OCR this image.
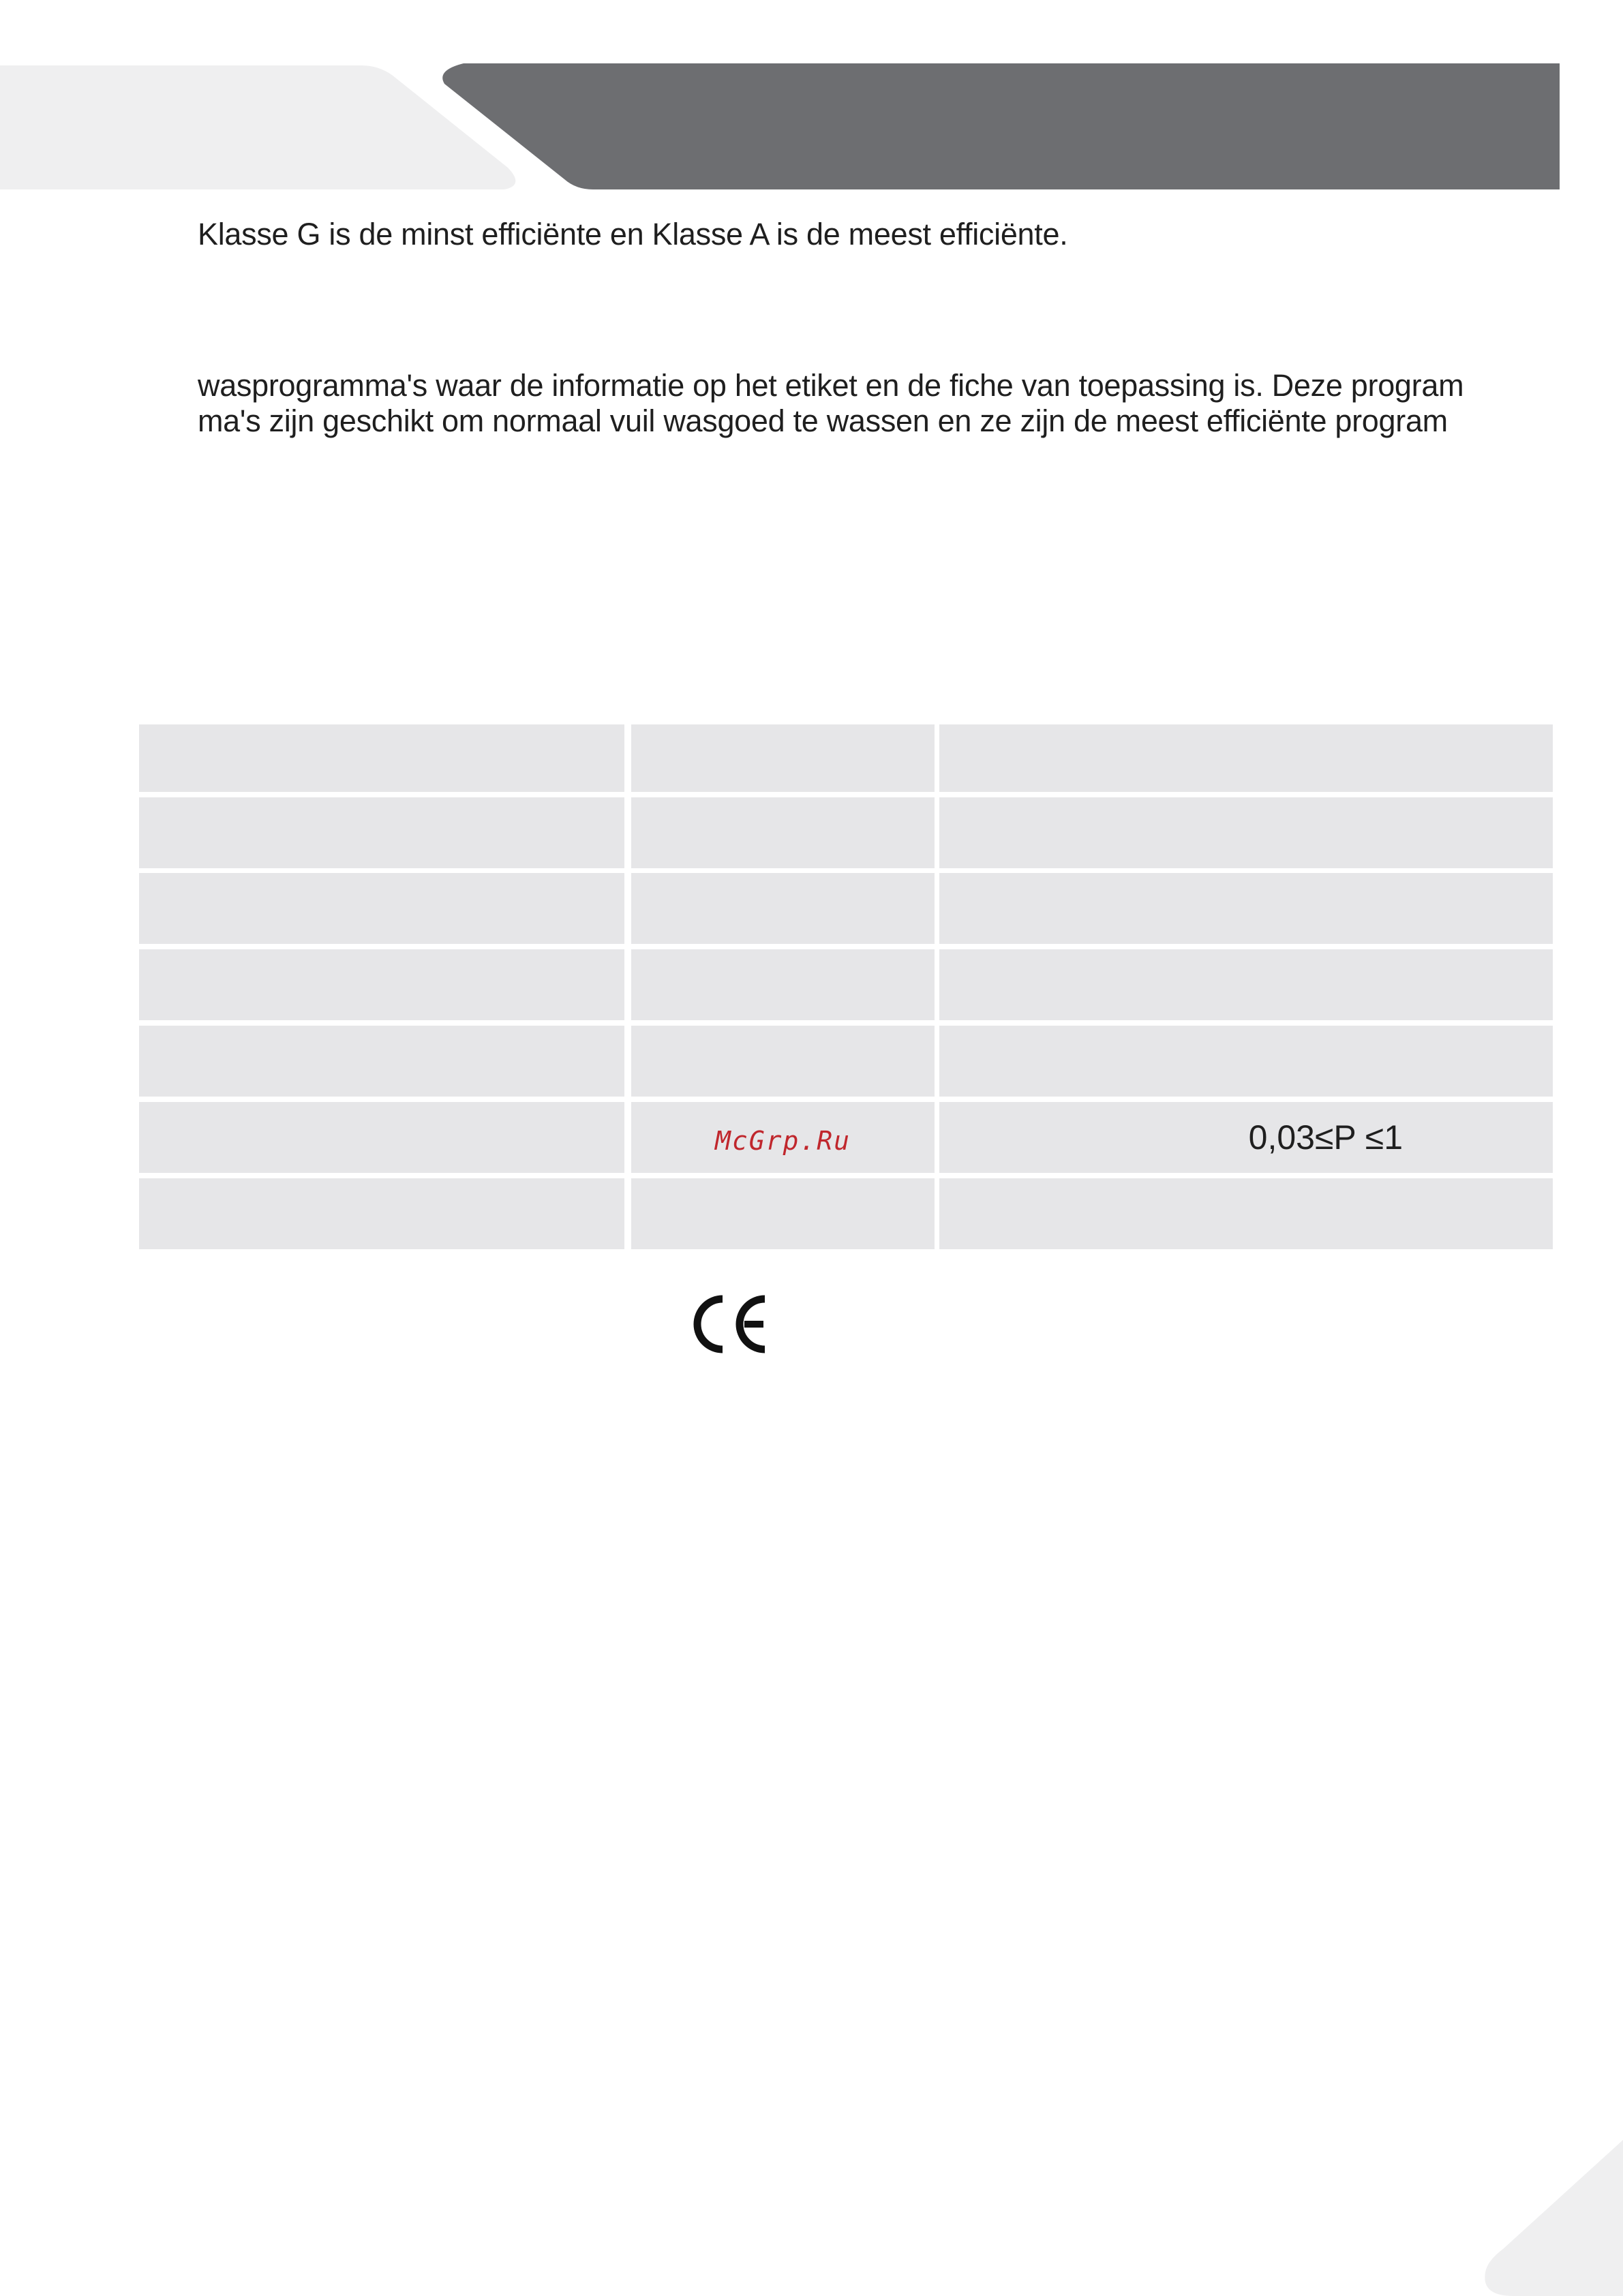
Klasse G is de minst efficiënte en Klasse A is de meest efficiënte.
wasprogramma's waar de informatie op het etiket en de fiche van toepassing is. Deze program
ma's zijn geschikt om normaal vuil wasgoed te wassen en ze zijn de meest efficiënte program
McGrp.Ru	0,03≤P ≤1
